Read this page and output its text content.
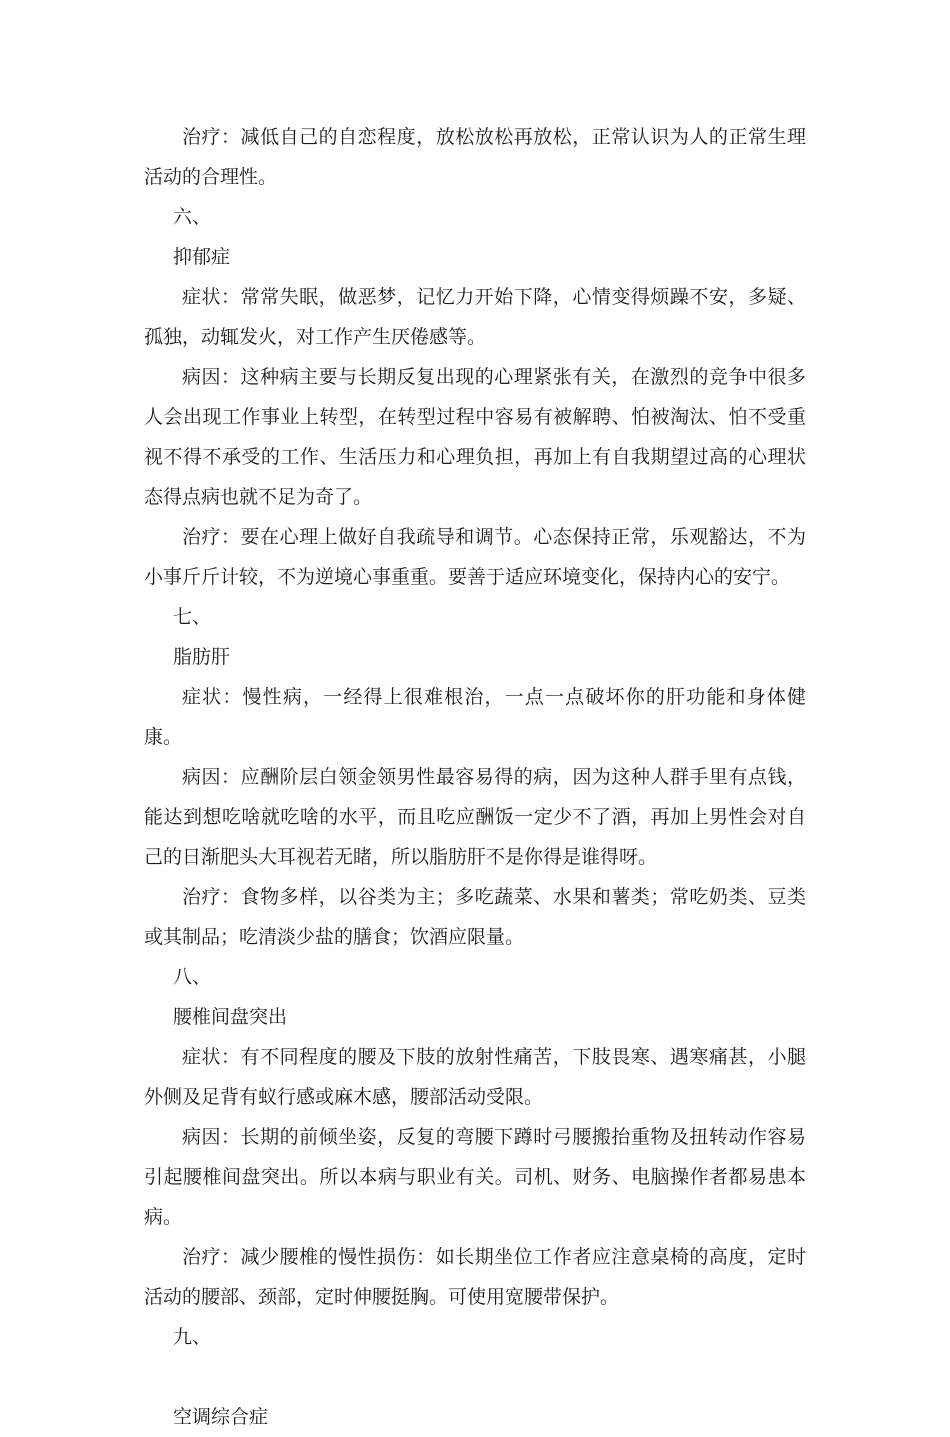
治疗：减低自己的自恋程度，放松放松再放松，正常认识为人的正常生理活动的合理性。

六、

抑郁症

症状：常常失眠，做恶梦，记忆力开始下降，心情变得烦躁不安，多疑、孤独，动辄发火，对工作产生厌倦感等。

病因：这种病主要与长期反复出现的心理紧张有关，在激烈的竞争中很多人会出现工作事业上转型，在转型过程中容易有被解聘、怕被淘汰、怕不受重视不得不承受的工作、生活压力和心理负担，再加上有自我期望过高的心理状态得点病也就不足为奇了。

治疗：要在心理上做好自我疏导和调节。心态保持正常，乐观豁达，不为小事斤斤计较，不为逆境心事重重。要善于适应环境变化，保持内心的安宁。

七、

脂肪肝

症状：慢性病，一经得上很难根治，一点一点破坏你的肝功能和身体健康。

病因：应酬阶层白领金领男性最容易得的病，因为这种人群手里有点钱，能达到想吃啥就吃啥的水平，而且吃应酬饭一定少不了酒，再加上男性会对自己的日渐肥头大耳视若无睹，所以脂肪肝不是你得是谁得呀。

治疗：食物多样，以谷类为主；多吃蔬菜、水果和薯类；常吃奶类、豆类或其制品；吃清淡少盐的膳食；饮酒应限量。

八、

腰椎间盘突出

症状：有不同程度的腰及下肢的放射性痛苦，下肢畏寒、遇寒痛甚，小腿外侧及足背有蚁行感或麻木感，腰部活动受限。

病因：长期的前倾坐姿，反复的弯腰下蹲时弓腰搬抬重物及扭转动作容易引起腰椎间盘突出。所以本病与职业有关。司机、财务、电脑操作者都易患本病。

治疗：减少腰椎的慢性损伤：如长期坐位工作者应注意桌椅的高度，定时活动的腰部、颈部，定时伸腰挺胸。可使用宽腰带保护。

九、

空调综合症
